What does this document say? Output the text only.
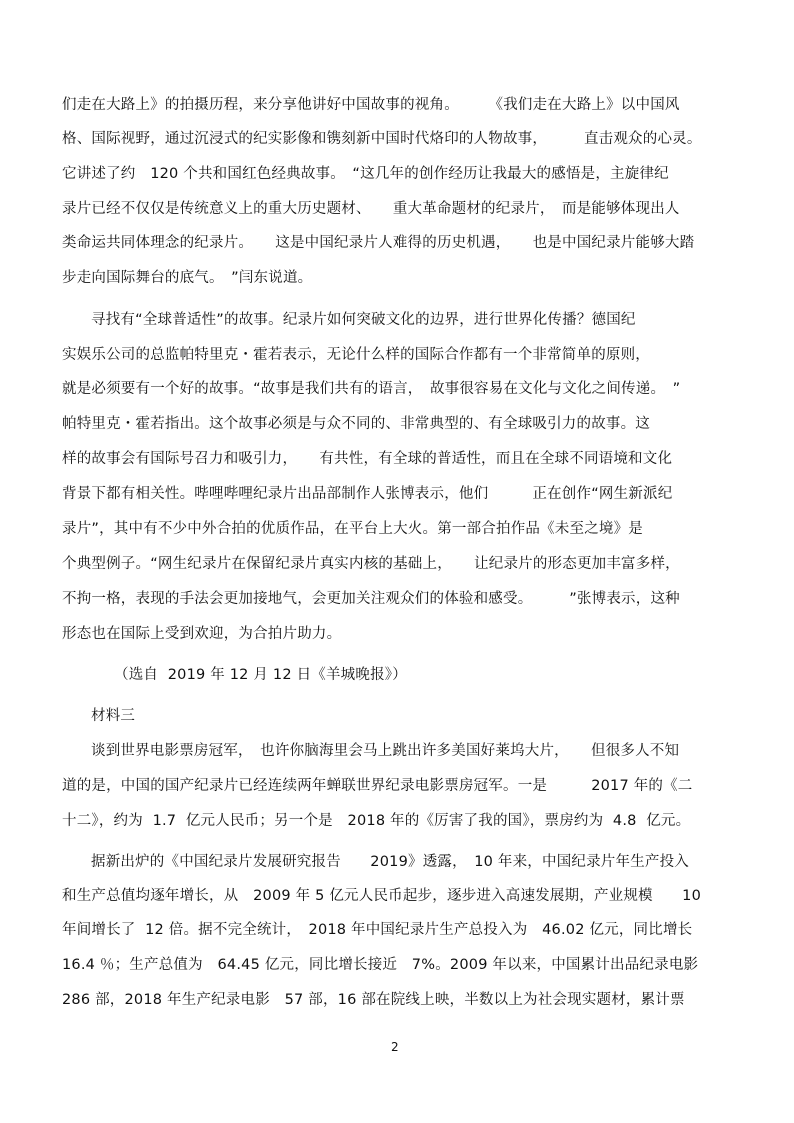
们走在大路上》的拍摄历程，来分享他讲好中国故事的视角。　　　《我们走在大路上》以中国风
格、国际视野，通过沉浸式的纪实影像和镌刻新中国时代烙印的人物故事，　　　直击观众的心灵。
它讲述了约　120 个共和国红色经典故事。　“这几年的创作经历让我最大的感悟是，主旋律纪
录片已经不仅仅是传统意义上的重大历史题材、　　重大革命题材的纪录片，　而是能够体现出人
类命运共同体理念的纪录片。　　这是中国纪录片人难得的历史机遇，　　也是中国纪录片能够大踏
步走向国际舞台的底气。　”闫东说道。
寻找有“全球普适性”的故事。纪录片如何突破文化的边界，进行世界化传播？德国纪
实娱乐公司的总监帕特里克・霍若表示，无论什么样的国际合作都有一个非常简单的原则，
就是必须要有一个好的故事。“故事是我们共有的语言，　故事很容易在文化与文化之间传递。　”
帕特里克・霍若指出。这个故事必须是与众不同的、非常典型的、有全球吸引力的故事。这
样的故事会有国际号召力和吸引力，　　有共性，有全球的普适性，而且在全球不同语境和文化
背景下都有相关性。哔哩哔哩纪录片出品部制作人张博表示，他们　　　正在创作“网生新派纪
录片”，其中有不少中外合拍的优质作品，在平台上大火。第一部合拍作品《未至之境》是
个典型例子。“网生纪录片在保留纪录片真实内核的基础上，　　让纪录片的形态更加丰富多样，
不拘一格，表现的手法会更加接地气，会更加关注观众们的体验和感受。　　　”张博表示，这种
形态也在国际上受到欢迎，为合拍片助力。
（选自  2019 年 12 月 12 日《羊城晚报》）
材料三
谈到世界电影票房冠军，　也许你脑海里会马上跳出许多美国好莱坞大片，　　但很多人不知
道的是，中国的国产纪录片已经连续两年蝉联世界纪录电影票房冠军。一是　　　2017 年的《二
十二》，约为  1.7  亿元人民币；另一个是　2018 年的《厉害了我的国》，票房约为  4.8  亿元。
据新出炉的《中国纪录片发展研究报告　　2019》透露，　10 年来，中国纪录片年生产投入
和生产总值均逐年增长，从　2009 年 5 亿元人民币起步，逐步进入高速发展期，产业规模　　10
年间增长了  12 倍。据不完全统计，　2018 年中国纪录片生产总投入为　46.02 亿元，同比增长
16.4 ％；生产总值为　64.45 亿元，同比增长接近　7%。2009 年以来，中国累计出品纪录电影
286 部，2018 年生产纪录电影　57 部，16 部在院线上映，半数以上为社会现实题材，累计票
2
